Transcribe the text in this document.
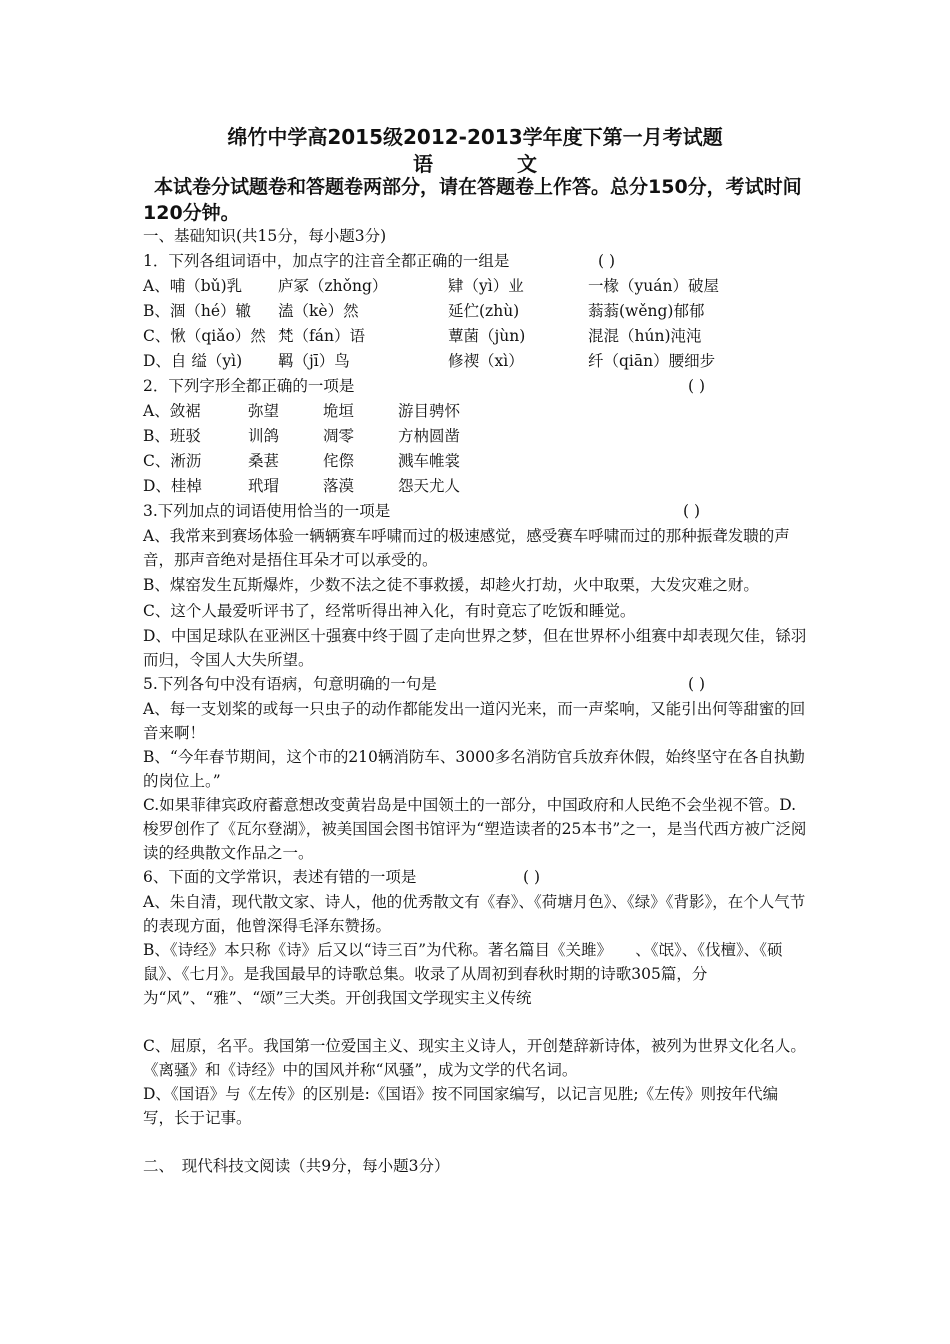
绵竹中学高2015级2012-2013学年度下第一月考试题
语	文
本试卷分试题卷和答题卷两部分，请在答题卷上作答。总分150分，考试时间120分钟。
一、基础知识(共15分，每小题3分)
1．下列各组词语中，加点字的注音全都正确的一组是	( )
A、哺（bǔ)乳	庐冢（zhǒng）	肄（yì）业	一椽（yuán）破屋
B、涸（hé）辙	溘（kè）然	延伫(zhù)	蓊蓊(wěng)郁郁
C、愀（qiǎo）然 梵（fán）语	蕈菌（jùn)	混混（hún)沌沌
D、自 缢（yì)	羁（jī）鸟	修禊（xì）	纤（qiān）腰细步
2．下列字形全都正确的一项是	( )
A、敛裾	弥望	垝垣	游目骋怀
B、班驳	训鸽	凋零	方枘圆凿
C、淅沥	桑葚	侘傺	溅车帷裳
D、桂棹	玳瑁	落漠	怨天尤人
3.下列加点的词语使用恰当的一项是	( )
A、我常来到赛场体验一辆辆赛车呼啸而过的极速感觉，感受赛车呼啸而过的那种振聋发聩的声音，那声音绝对是捂住耳朵才可以承受的。
B、煤窑发生瓦斯爆炸，少数不法之徒不事救援，却趁火打劫，火中取栗，大发灾难之财。
C、这个人最爱听评书了，经常听得出神入化，有时竟忘了吃饭和睡觉。
D、中国足球队在亚洲区十强赛中终于圆了走向世界之梦，但在世界杯小组赛中却表现欠佳，铩羽而归，令国人大失所望。
5.下列各句中没有语病，句意明确的一句是	( )
A、每一支划桨的或每一只虫子的动作都能发出一道闪光来，而一声桨响，又能引出何等甜蜜的回音来啊！
B、“今年春节期间，这个市的210辆消防车、3000多名消防官兵放弃休假，始终坚守在各自执勤的岗位上。”
C.如果菲律宾政府蓄意想改变黄岩岛是中国领土的一部分，中国政府和人民绝不会坐视不管。D.梭罗创作了《瓦尔登湖》，被美国国会图书馆评为“塑造读者的25本书”之一，是当代西方被广泛阅读的经典散文作品之一。
6、下面的文学常识，表述有错的一项是	( )
A、朱自清，现代散文家、诗人，他的优秀散文有《春》、《荷塘月色》、《绿》《背影》，在个人气节的表现方面，他曾深得毛泽东赞扬。
B、《诗经》本只称《诗》后又以“诗三百”为代称。著名篇目《关雎》　　、《氓》、《伐檀》、《硕鼠》、《七月》。是我国最早的诗歌总集。收录了从周初到春秋时期的诗歌305篇，分为“风”、“雅”、“颂”三大类。开创我国文学现实主义传统
C、屈原，名平。我国第一位爱国主义、现实主义诗人，开创楚辞新诗体，被列为世界文化名人。《离骚》和《诗经》中的国风并称“风骚”，成为文学的代名词。
D、《国语》与《左传》的区别是:《国语》按不同国家编写，以记言见胜;《左传》则按年代编写，长于记事。
二、　现代科技文阅读（共9分，每小题3分）
